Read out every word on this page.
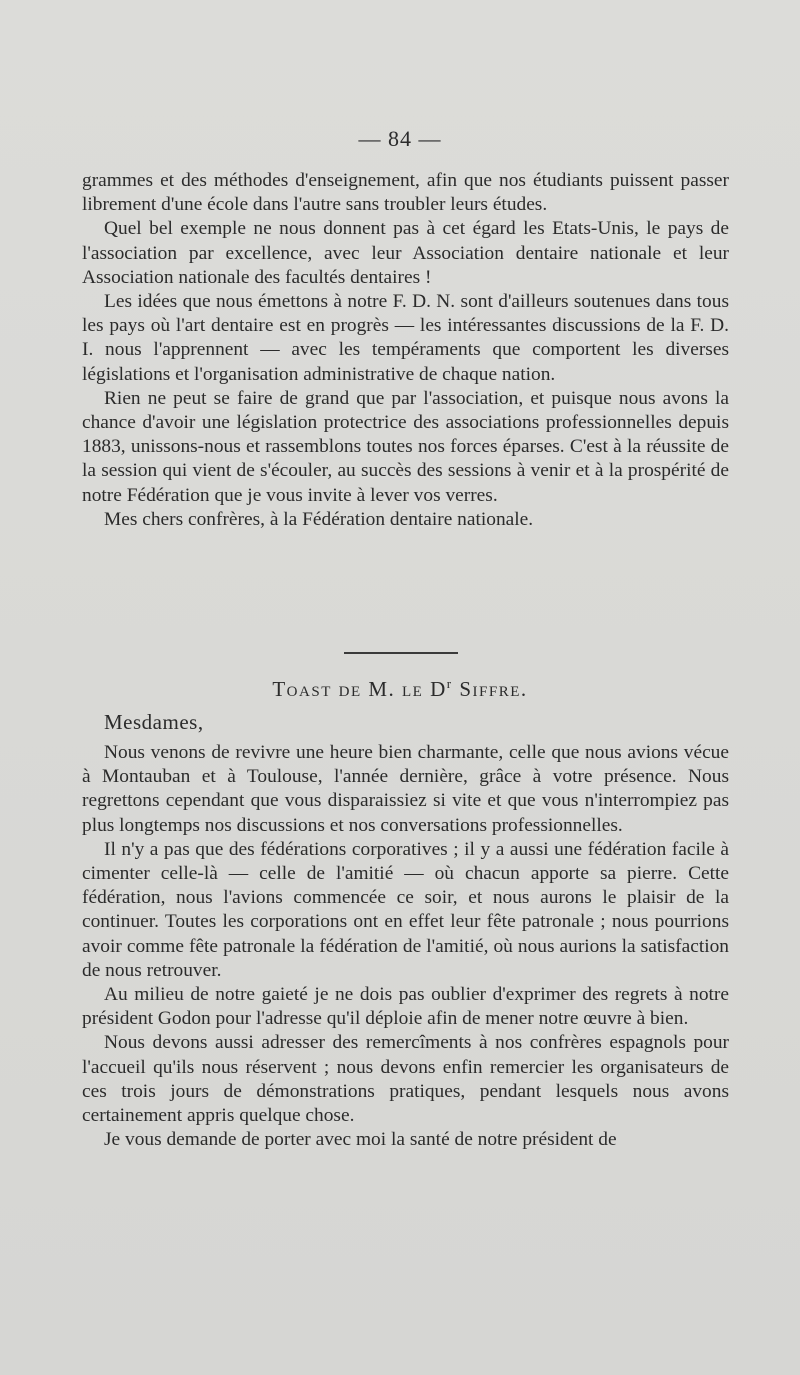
— 84 —

grammes et des méthodes d'enseignement, afin que nos étudiants puissent passer librement d'une école dans l'autre sans troubler leurs études.

Quel bel exemple ne nous donnent pas à cet égard les Etats-Unis, le pays de l'association par excellence, avec leur Association dentaire nationale et leur Association nationale des facultés dentaires !

Les idées que nous émettons à notre F. D. N. sont d'ailleurs soutenues dans tous les pays où l'art dentaire est en progrès — les intéressantes discussions de la F. D. I. nous l'apprennent — avec les tempéraments que comportent les diverses législations et l'organisation administrative de chaque nation.

Rien ne peut se faire de grand que par l'association, et puisque nous avons la chance d'avoir une législation protectrice des associations professionnelles depuis 1883, unissons-nous et rassemblons toutes nos forces éparses. C'est à la réussite de la session qui vient de s'écouler, au succès des sessions à venir et à la prospérité de notre Fédération que je vous invite à lever vos verres.

Mes chers confrères, à la Fédération dentaire nationale.

Toast de M. le $D^r$ Siffre.
Mesdames,

Nous venons de revivre une heure bien charmante, celle que nous avions vécue à Montauban et à Toulouse, l'année dernière, grâce à votre présence. Nous regrettons cependant que vous disparaissiez si vite et que vous n'interrompiez pas plus longtemps nos discussions et nos conversations professionnelles.

Il n'y a pas que des fédérations corporatives ; il y a aussi une fédération facile à cimenter celle-là — celle de l'amitié — où chacun apporte sa pierre. Cette fédération, nous l'avions commencée ce soir, et nous aurons le plaisir de la continuer. Toutes les corporations ont en effet leur fête patronale ; nous pourrions avoir comme fête patronale la fédération de l'amitié, où nous aurions la satisfaction de nous retrouver.

Au milieu de notre gaieté je ne dois pas oublier d'exprimer des regrets à notre président Godon pour l'adresse qu'il déploie afin de mener notre œuvre à bien.

Nous devons aussi adresser des remercîments à nos confrères espagnols pour l'accueil qu'ils nous réservent ; nous devons enfin remercier les organisateurs de ces trois jours de démonstrations pratiques, pendant lesquels nous avons certainement appris quelque chose.

Je vous demande de porter avec moi la santé de notre président de
